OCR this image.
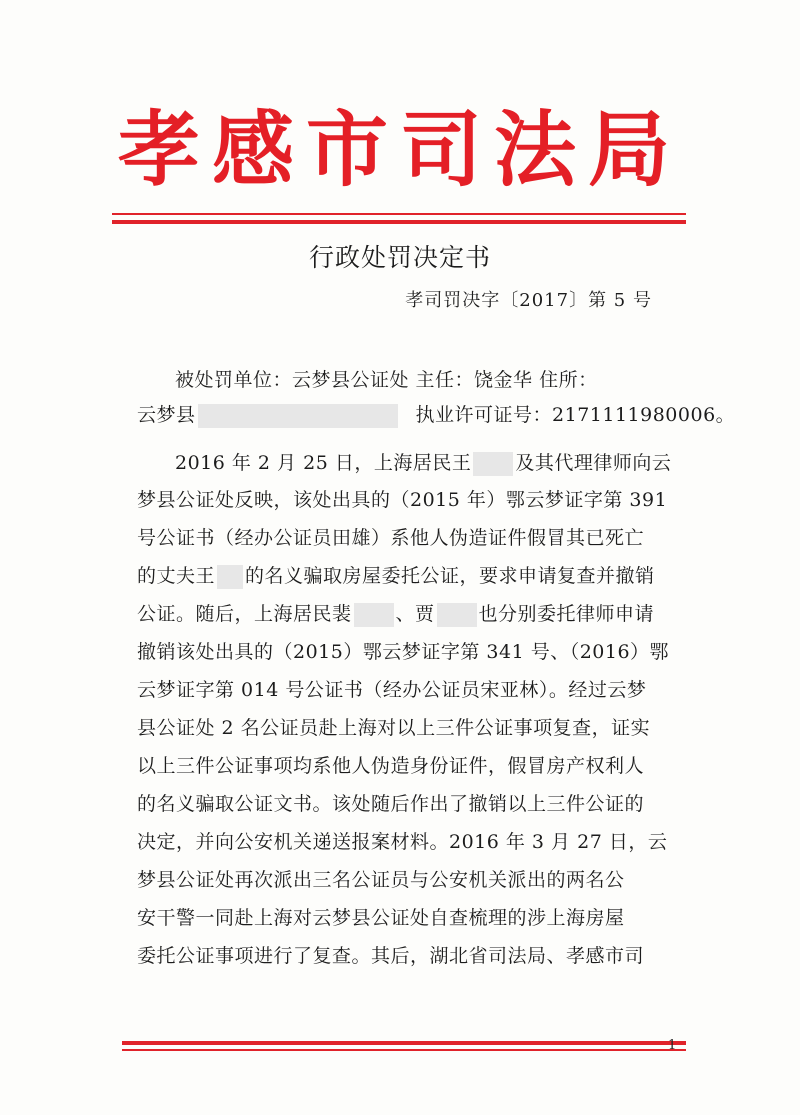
孝感市司法局
行政处罚决定书
孝司罚决字〔2017〕第 5 号
被处罚单位：云梦县公证处 主任：饶金华 住所：
云梦县	执业许可证号：2171111980006。
2016 年 2 月 25 日，上海居民王 及其代理律师向云
梦县公证处反映，该处出具的（2015 年）鄂云梦证字第 391
号公证书（经办公证员田雄）系他人伪造证件假冒其已死亡
的丈夫王 的名义骗取房屋委托公证，要求申请复查并撤销
公证。随后，上海居民裴 、贾 也分别委托律师申请
撤销该处出具的（2015）鄂云梦证字第 341 号、（2016）鄂
云梦证字第 014 号公证书（经办公证员宋亚林）。经过云梦
县公证处 2 名公证员赴上海对以上三件公证事项复查，证实
以上三件公证事项均系他人伪造身份证件，假冒房产权利人
的名义骗取公证文书。该处随后作出了撤销以上三件公证的
决定，并向公安机关递送报案材料。2016 年 3 月 27 日，云
梦县公证处再次派出三名公证员与公安机关派出的两名公
安干警一同赴上海对云梦县公证处自查梳理的涉上海房屋
委托公证事项进行了复查。其后，湖北省司法局、孝感市司
1
